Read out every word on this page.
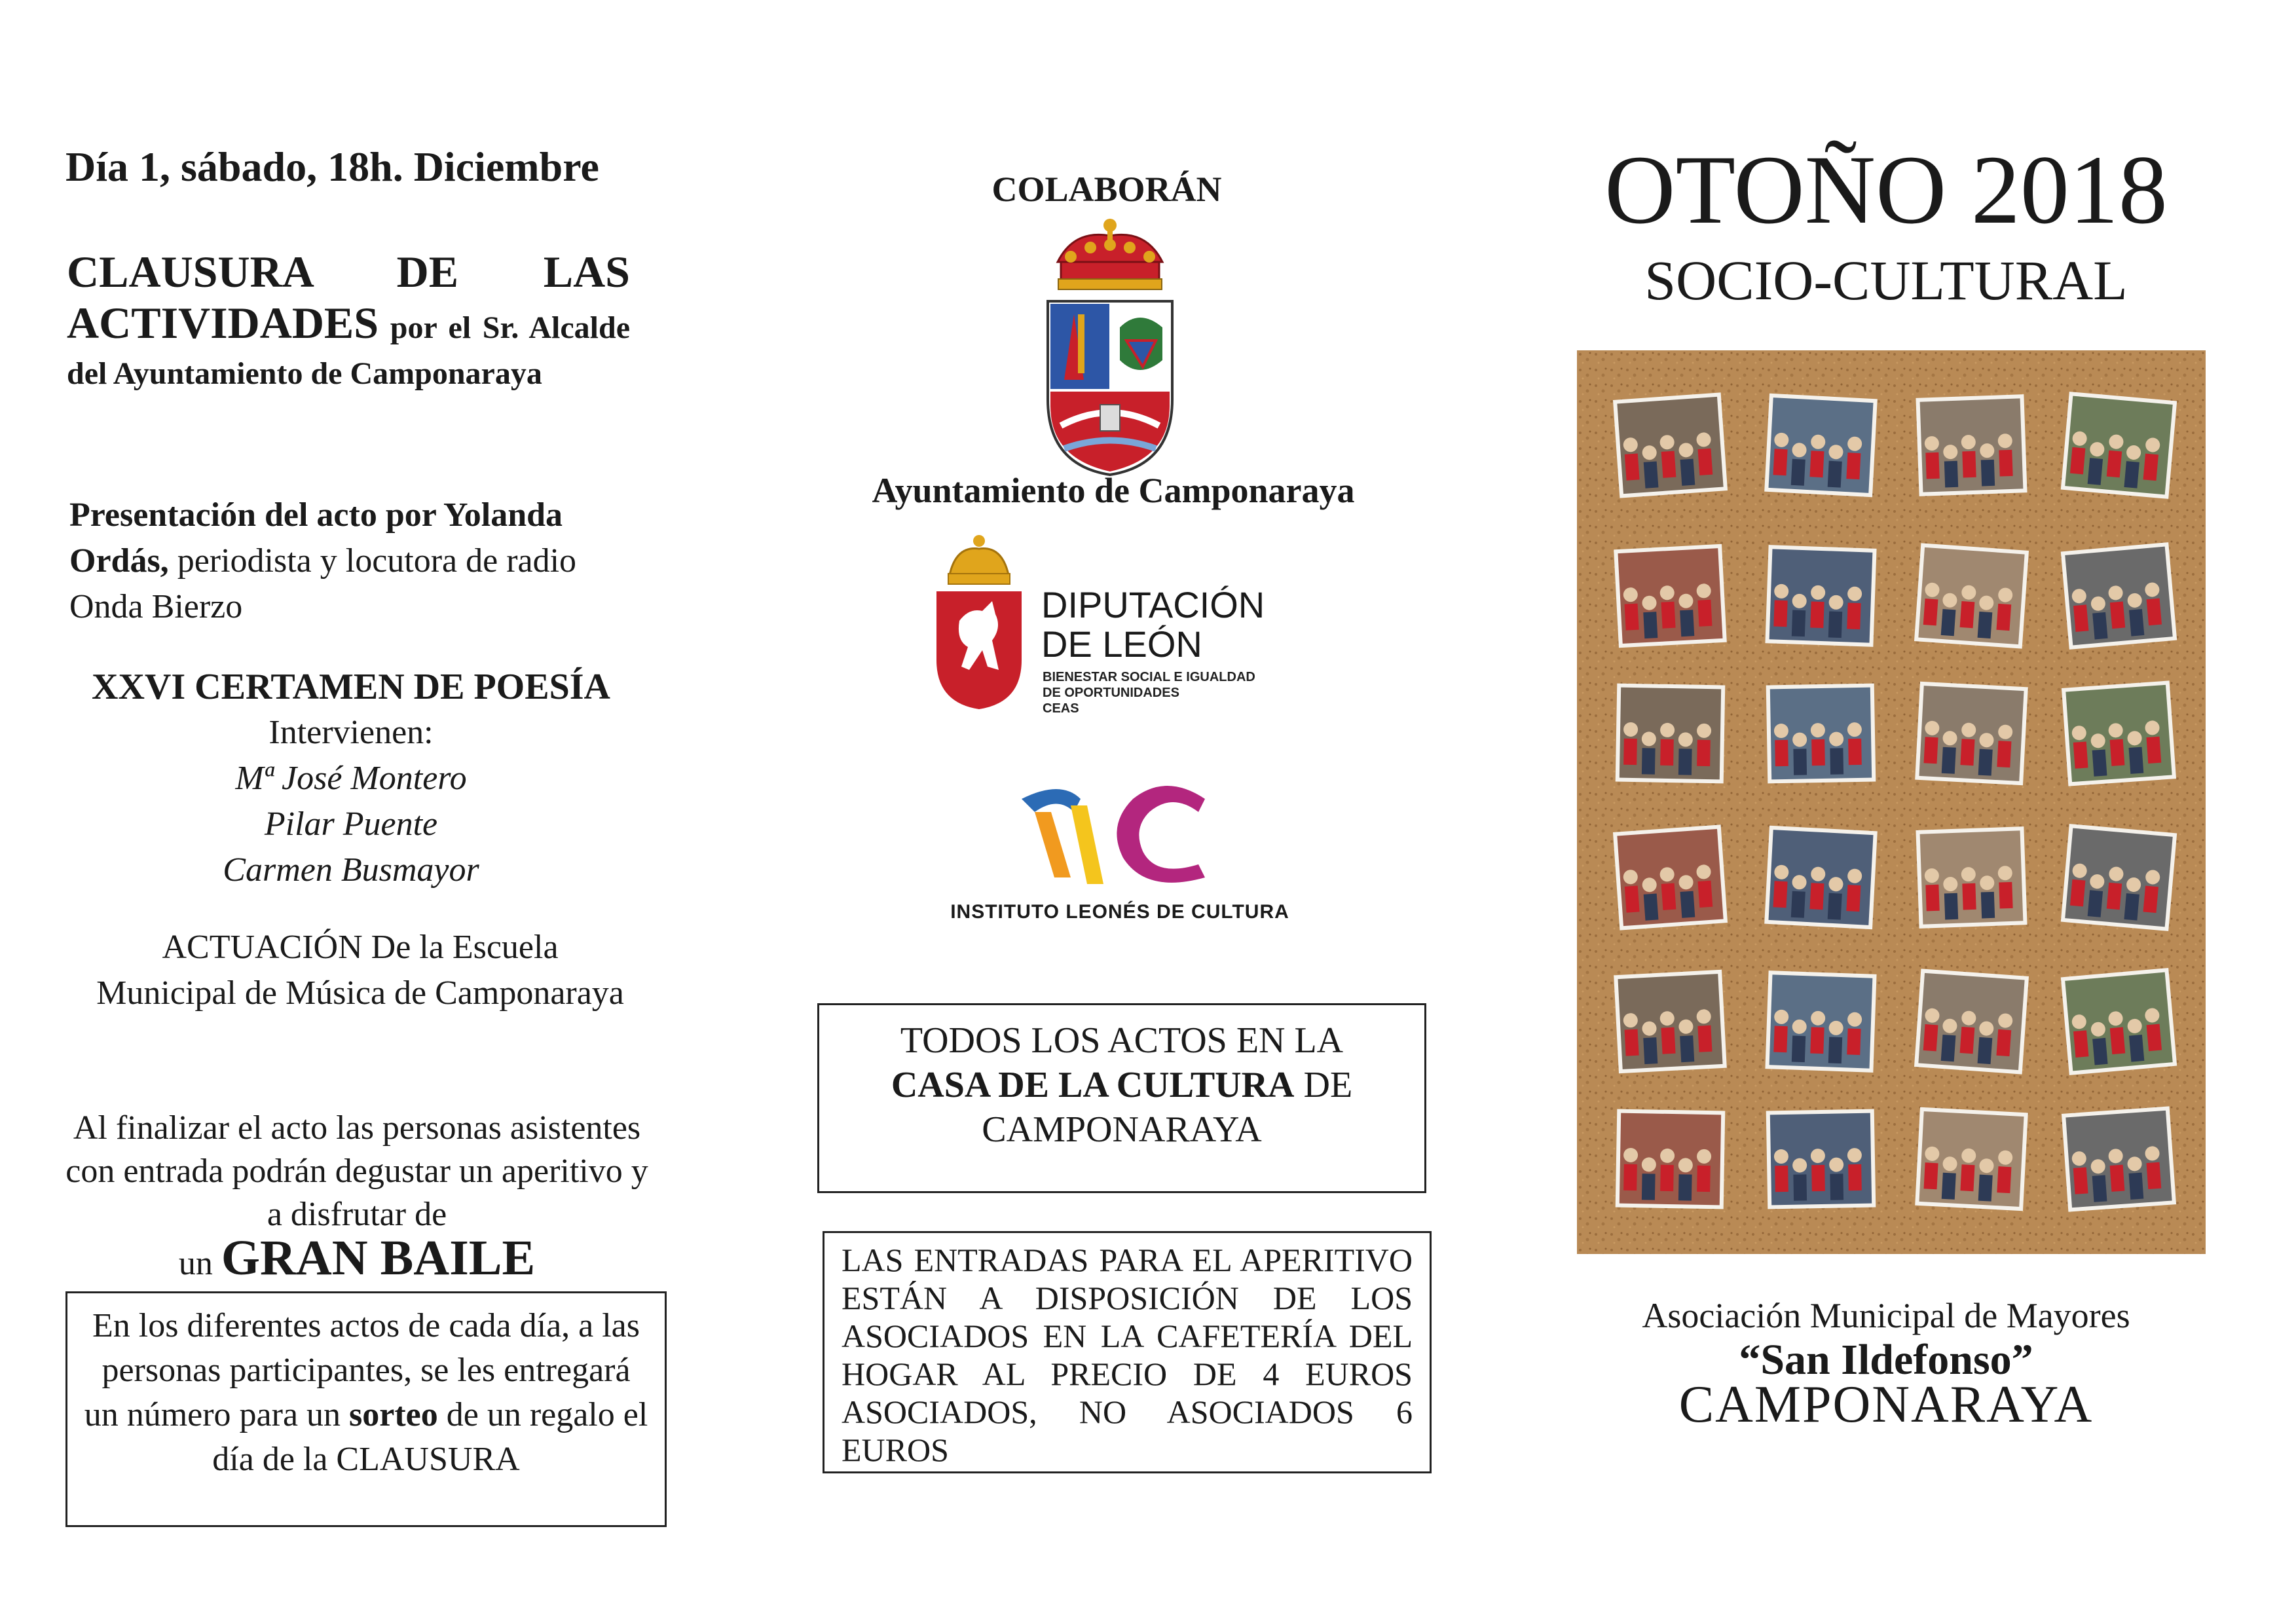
Día 1, sábado, 18h. Diciembre
CLAUSURA DE LAS ACTIVIDADES por el Sr. Alcalde del Ayuntamiento de Camponaraya
Presentación del acto por Yolanda Ordás, periodista y locutora de radio Onda Bierzo
XXVI CERTAMEN DE POESÍA
Intervienen:
Mª José Montero
Pilar Puente
Carmen Busmayor
ACTUACIÓN De la Escuela Municipal de Música de Camponaraya
Al finalizar el acto las personas asistentes con entrada podrán degustar un aperitivo y a disfrutar de
un GRAN BAILE
En los diferentes actos de cada día, a las personas participantes, se les entregará un número para un sorteo de un regalo el día de la CLAUSURA
COLABORÁN
Ayuntamiento de Camponaraya
DIPUTACIÓN
DE LEÓN
BIENESTAR SOCIAL E IGUALDAD
DE OPORTUNIDADES
CEAS
INSTITUTO LEONÉS DE CULTURA
TODOS LOS ACTOS EN LA
CASA DE LA CULTURA DE
CAMPONARAYA
LAS ENTRADAS PARA EL APERITIVO ESTÁN A DISPOSICIÓN DE LOS ASOCIADOS EN LA CAFETERÍA DEL HOGAR AL PRECIO DE 4 EUROS ASOCIADOS, NO ASOCIADOS 6 EUROS
OTOÑO 2018
SOCIO-CULTURAL
Asociación Municipal de Mayores
“San Ildefonso”
CAMPONARAYA
